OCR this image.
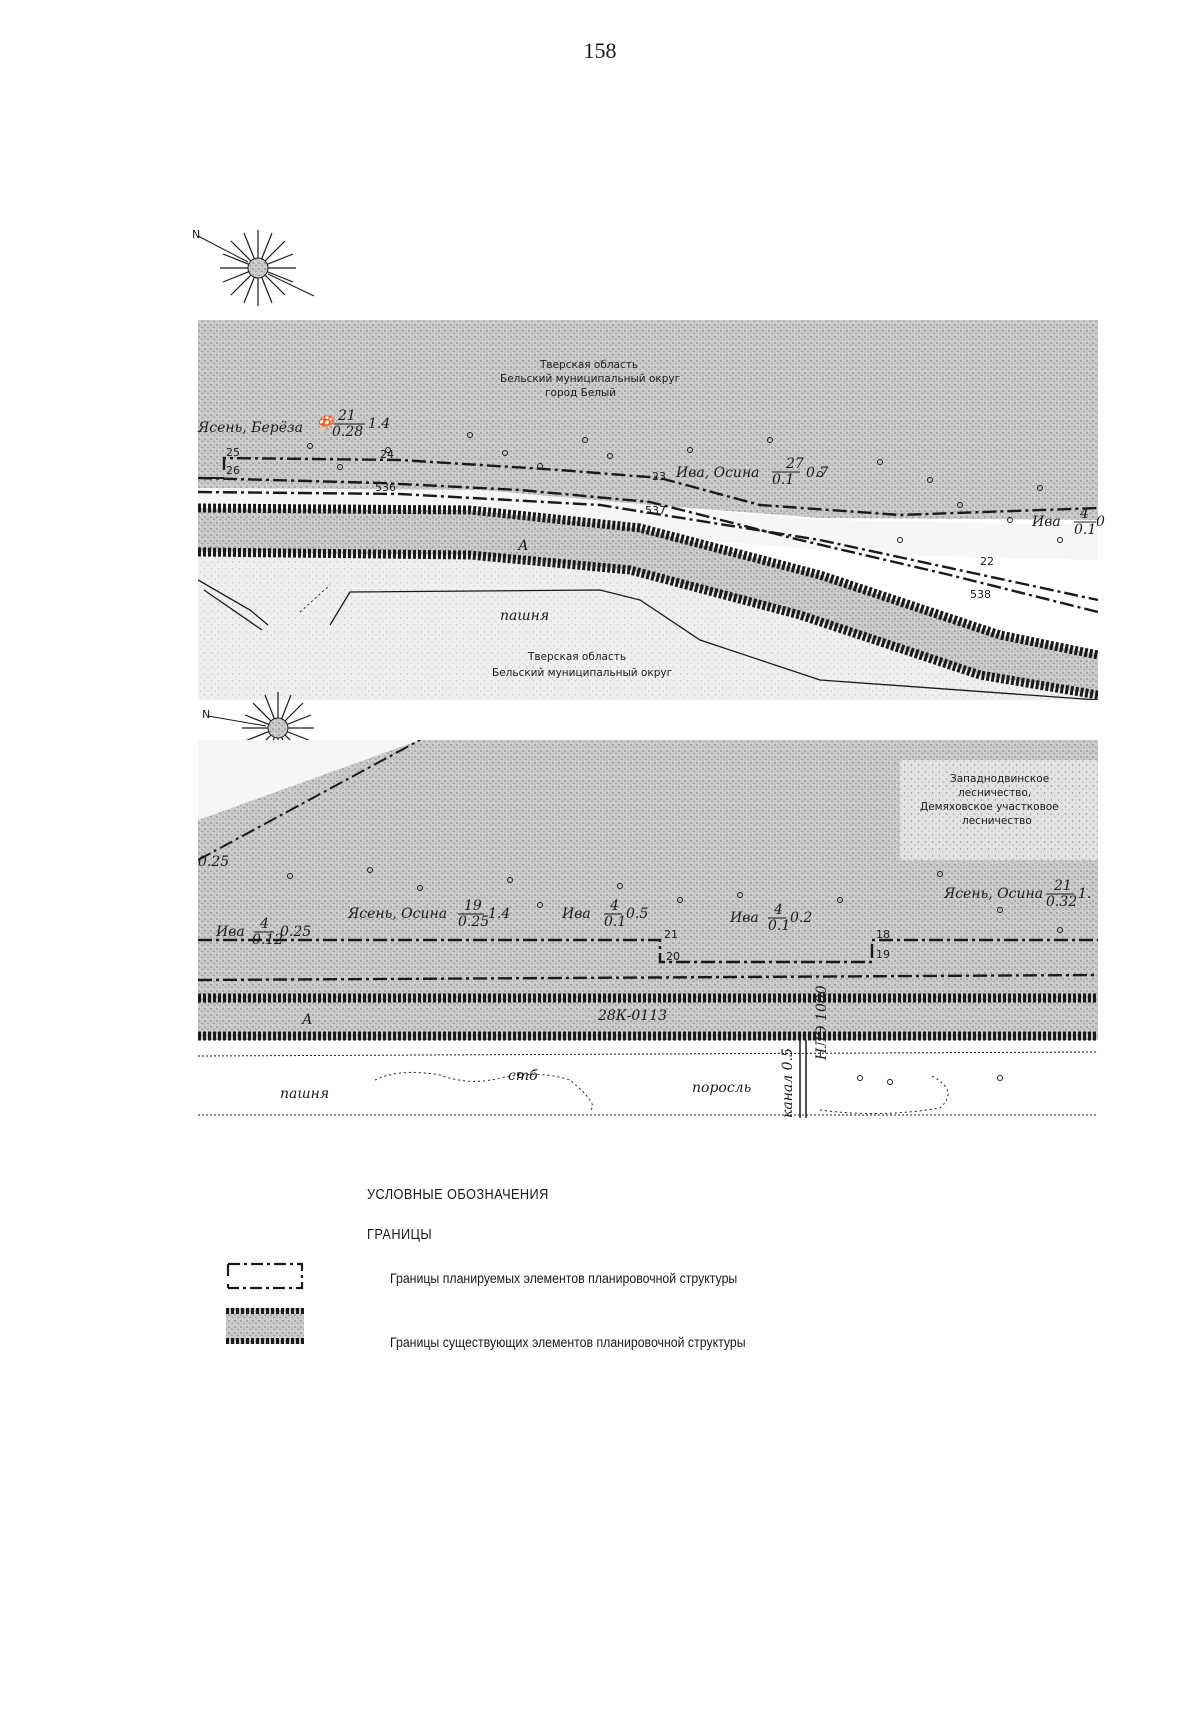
158
N
Тверская область
Бельский муниципальный округ
город Белый
Ясень, Берёза 🍄 21
0.28 1.4
Ива, Осина
27
0.1 0.7
Ива 4
0.1 0
25
26
24
23
22
536
537
538
А
пашня
Тверская область
Бельский муниципальный округ
N
Западнодвинское
лесничество,
Демяховское участковое
лесничество
0.25
Ясень, Осина 19
0.25
1.4	Ива 4
0.1 0.5	Ива 4
0.1 0.2
Ива 4
0.12
0.25
Ясень, Осина 21
0.32 1.
21
20
18
19
А	28К-0113	НЛЭ 1000
пашня
стб
поросль канал 0.5
УСЛОВНЫЕ ОБОЗНАЧЕНИЯ
ГРАНИЦЫ
Границы планируемых элементов планировочной структуры
Границы существующих элементов планировочной структуры
